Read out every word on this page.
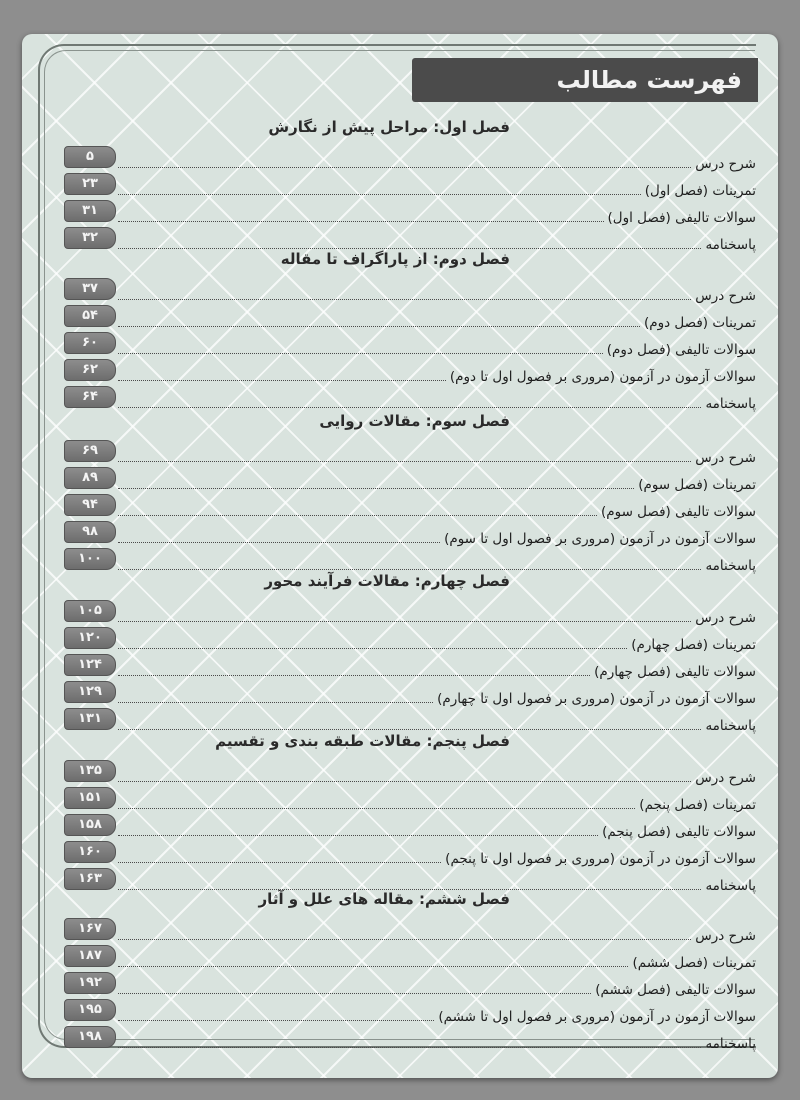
فهرست مطالب
فصل اول: مراحل پیش از نگارش
۵	شرح درس
۲۳	تمرینات (فصل اول)
۳۱	سوالات تالیفی (فصل اول)
۳۲	پاسخنامه
فصل دوم: از پاراگراف تا مقاله
۳۷	شرح درس
۵۴	تمرینات (فصل دوم)
۶۰	سوالات تالیفی (فصل دوم)
۶۲	سوالات آزمون در آزمون (مروری بر فصول اول تا دوم)
۶۴	پاسخنامه
فصل سوم: مقالات روایی
۶۹	شرح درس
۸۹	تمرینات (فصل سوم)
۹۴	سوالات تالیفی (فصل سوم)
۹۸	سوالات آزمون در آزمون (مروری بر فصول اول تا سوم)
۱۰۰	پاسخنامه
فصل چهارم: مقالات فرآیند محور
۱۰۵	شرح درس
۱۲۰	تمرینات (فصل چهارم)
۱۲۴	سوالات تالیفی (فصل چهارم)
۱۲۹	سوالات آزمون در آزمون (مروری بر فصول اول تا چهارم)
۱۳۱	پاسخنامه
فصل پنجم: مقالات طبقه بندی و تقسیم
۱۳۵	شرح درس
۱۵۱	تمرینات (فصل پنجم)
۱۵۸	سوالات تالیفی (فصل پنجم)
۱۶۰	سوالات آزمون در آزمون (مروری بر فصول اول تا پنجم)
۱۶۳	پاسخنامه
فصل ششم: مقاله های علل و آثار
۱۶۷	شرح درس
۱۸۷	تمرینات (فصل ششم)
۱۹۲	سوالات تالیفی (فصل ششم)
۱۹۵	سوالات آزمون در آزمون (مروری بر فصول اول تا ششم)
۱۹۸	پاسخنامه
